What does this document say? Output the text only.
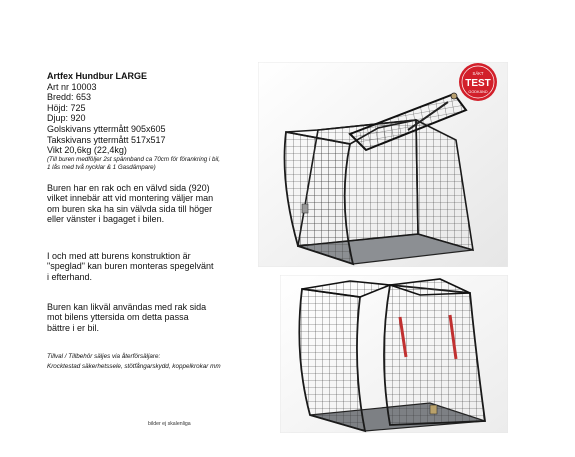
Artfex Hundbur LARGE

Art nr 10003

Bredd: 653

Höjd: 725

Djup: 920

Golskivans yttermått 905x605

Takskivans yttermått 517x517

Vikt 20,6kg (22,4kg)

(Till buren medföljer 2st spännband ca 70cm för förankring i bil,

1 lås med två nycklar & 1 Gasdämpare)

Buren har en rak och en välvd sida (920)
vilket innebär att vid montering väljer man
om buren ska ha sin välvda sida till höger
eller vänster i bagaget i bilen.

I och med att burens konstruktion är
"speglad" kan buren monteras spegelvänt
i efterhand.

Buren kan likväl användas med rak sida
mot bilens yttersida om detta passa
bättre i er bil.

Tillval / Tillbehör säljes via återförsäljare:
Krocktestad säkerhetssele, stötfångarskydd, koppelkrokar mm

bilder ej skalenliga
SÄKT
TEST
GODKÄND
